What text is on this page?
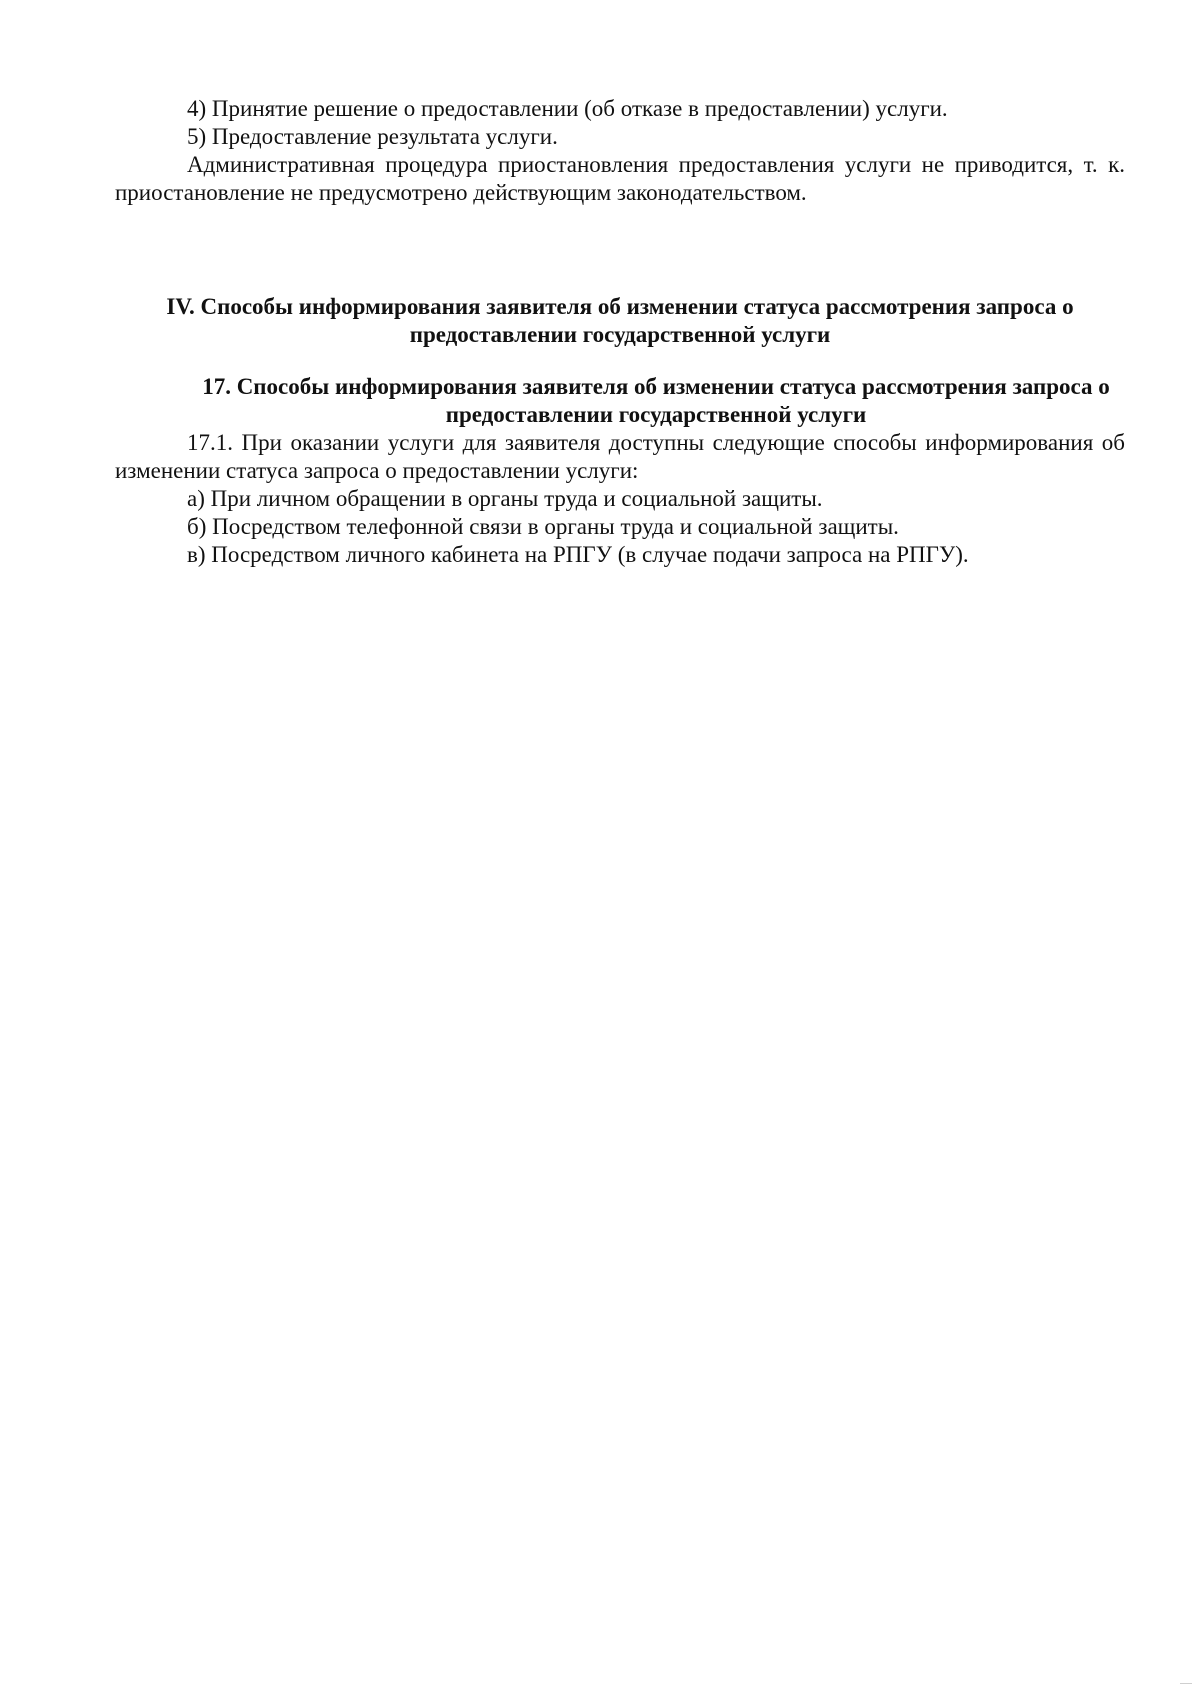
4) Принятие решение о предоставлении (об отказе в предоставлении) услуги.

5) Предоставление результата услуги.

Административная процедура приостановления предоставления услуги не приводится, т. к. приостановление не предусмотрено действующим законодательством.

IV. Способы информирования заявителя об изменении статуса рассмотрения запроса о предоставлении государственной услуги
17. Способы информирования заявителя об изменении статуса рассмотрения запроса о предоставлении государственной услуги

17.1. При оказании услуги для заявителя доступны следующие способы информирования об изменении статуса запроса о предоставлении услуги:

а) При личном обращении в органы труда и социальной защиты.

б) Посредством телефонной связи в органы труда и социальной защиты.

в) Посредством личного кабинета на РПГУ (в случае подачи запроса на РПГУ).
